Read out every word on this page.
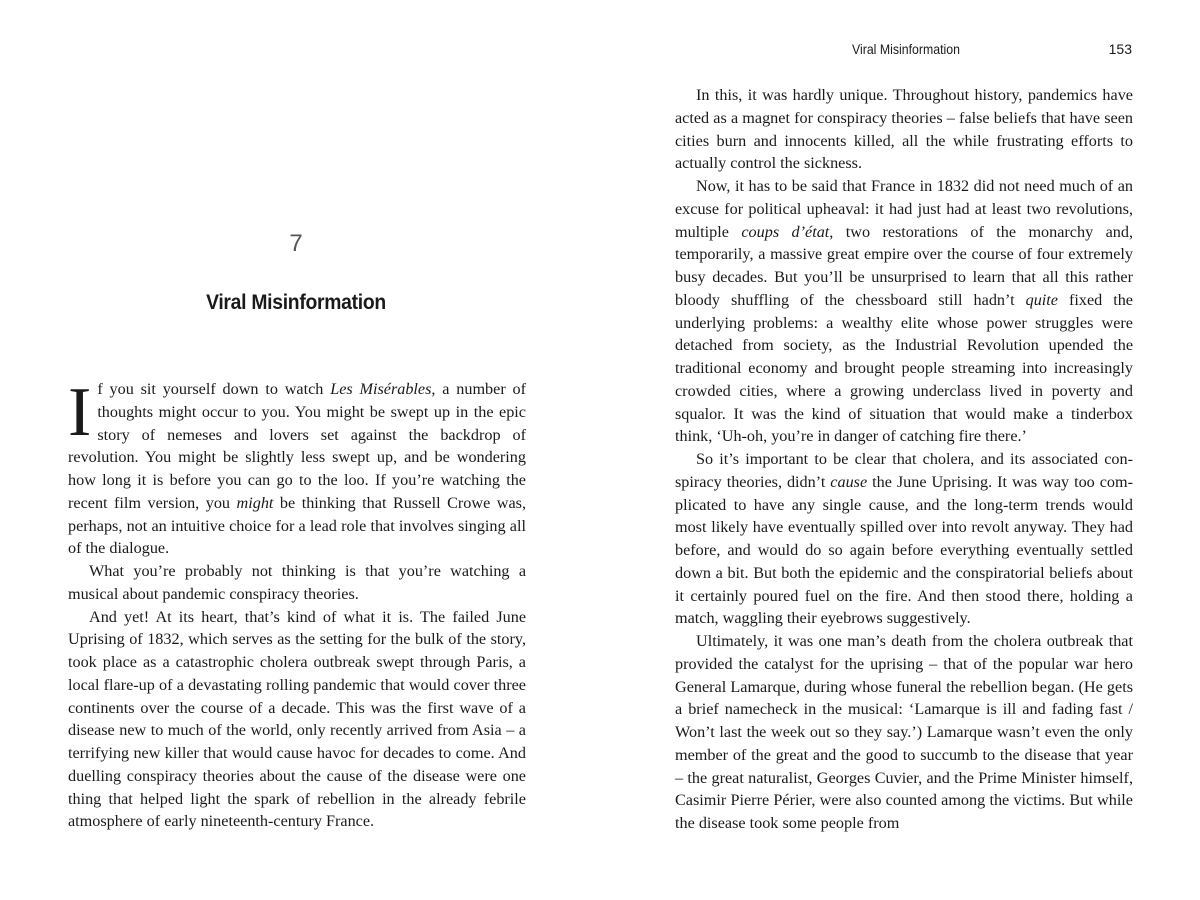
7
Viral Misinformation

If you sit yourself down to watch Les Misérables, a number of thoughts might occur to you. You might be swept up in the epic story of nemeses and lovers set against the backdrop of revolution. You might be slightly less swept up, and be wondering how long it is before you can go to the loo. If you’re watching the recent film version, you might be thinking that Russell Crowe was, perhaps, not an intuitive choice for a lead role that involves singing all of the dialogue.

What you’re probably not thinking is that you’re watching a musical about pandemic conspiracy theories.

And yet! At its heart, that’s kind of what it is. The failed June Uprising of 1832, which serves as the setting for the bulk of the story, took place as a catastrophic cholera outbreak swept through Paris, a local flare-up of a devastating rolling pandemic that would cover three continents over the course of a decade. This was the first wave of a disease new to much of the world, only recently arrived from Asia – a terrifying new killer that would cause havoc for decades to come. And duelling conspiracy theories about the cause of the disease were one thing that helped light the spark of rebellion in the already febrile atmosphere of early nineteenth-century France.

Viral Misinformation	153

In this, it was hardly unique. Throughout history, pandemics have acted as a magnet for conspiracy theories – false beliefs that have seen cities burn and innocents killed, all the while frustrating efforts to actually control the sickness.

Now, it has to be said that France in 1832 did not need much of an excuse for political upheaval: it had just had at least two revolutions, multiple coups d’état, two restorations of the monarchy and, temporarily, a massive great empire over the course of four extremely busy decades. But you’ll be unsurprised to learn that all this rather bloody shuffling of the chessboard still hadn’t quite fixed the underlying problems: a wealthy elite whose power struggles were detached from society, as the Industrial Revolution upended the traditional economy and brought people streaming into increasingly crowded cities, where a growing underclass lived in poverty and squalor. It was the kind of situation that would make a tinderbox think, ‘Uh-oh, you’re in danger of catching fire there.’

So it’s important to be clear that cholera, and its associated conspiracy theories, didn’t cause the June Uprising. It was way too complicated to have any single cause, and the long-term trends would most likely have eventually spilled over into revolt anyway. They had before, and would do so again before everything eventually settled down a bit. But both the epidemic and the conspiratorial beliefs about it certainly poured fuel on the fire. And then stood there, holding a match, waggling their eyebrows suggestively.

Ultimately, it was one man’s death from the cholera outbreak that provided the catalyst for the uprising – that of the popular war hero General Lamarque, during whose funeral the rebellion began. (He gets a brief namecheck in the musical: ‘Lamarque is ill and fading fast / Won’t last the week out so they say.’) Lamarque wasn’t even the only member of the great and the good to succumb to the disease that year – the great naturalist, Georges Cuvier, and the Prime Minister himself, Casimir Pierre Périer, were also counted among the victims. But while the disease took some people from
